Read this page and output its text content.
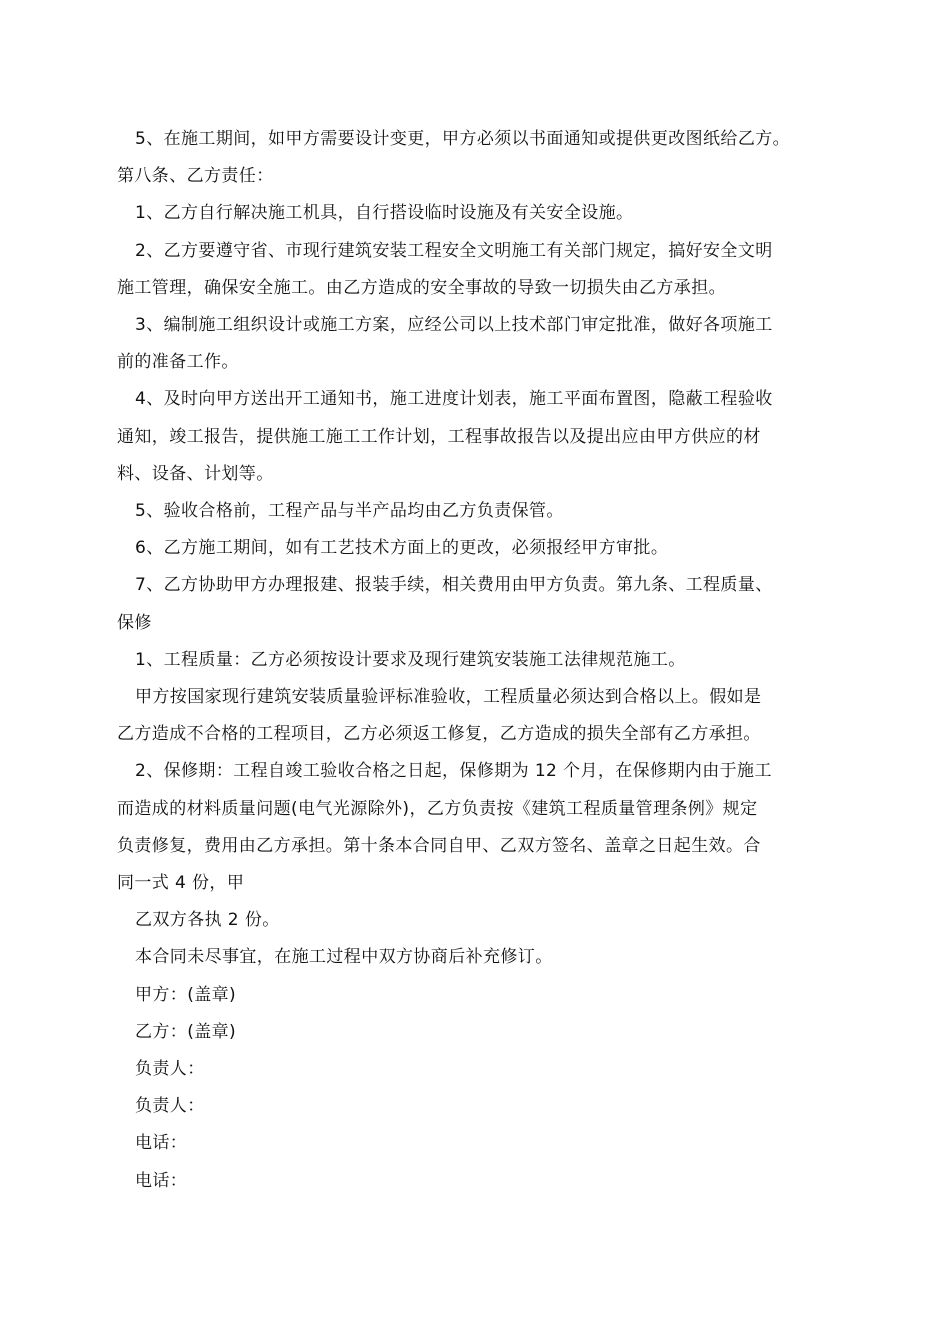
5、在施工期间，如甲方需要设计变更，甲方必须以书面通知或提供更改图纸给乙方。
第八条、乙方责任：
1、乙方自行解决施工机具，自行搭设临时设施及有关安全设施。
2、乙方要遵守省、市现行建筑安装工程安全文明施工有关部门规定，搞好安全文明
施工管理，确保安全施工。由乙方造成的安全事故的导致一切损失由乙方承担。
3、编制施工组织设计或施工方案，应经公司以上技术部门审定批准，做好各项施工
前的准备工作。
4、及时向甲方送出开工通知书，施工进度计划表，施工平面布置图，隐蔽工程验收
通知，竣工报告，提供施工施工工作计划，工程事故报告以及提出应由甲方供应的材
料、设备、计划等。
5、验收合格前，工程产品与半产品均由乙方负责保管。
6、乙方施工期间，如有工艺技术方面上的更改，必须报经甲方审批。
7、乙方协助甲方办理报建、报装手续，相关费用由甲方负责。第九条、工程质量、
保修
1、工程质量：乙方必须按设计要求及现行建筑安装施工法律规范施工。
甲方按国家现行建筑安装质量验评标准验收，工程质量必须达到合格以上。假如是
乙方造成不合格的工程项目，乙方必须返工修复，乙方造成的损失全部有乙方承担。
2、保修期：工程自竣工验收合格之日起，保修期为 12 个月，在保修期内由于施工
而造成的材料质量问题(电气光源除外)，乙方负责按《建筑工程质量管理条例》规定
负责修复，费用由乙方承担。第十条本合同自甲、乙双方签名、盖章之日起生效。合
同一式 4 份，甲
乙双方各执 2 份。
本合同未尽事宜，在施工过程中双方协商后补充修订。
甲方：(盖章)
乙方：(盖章)
负责人：
负责人：
电话：
电话：
